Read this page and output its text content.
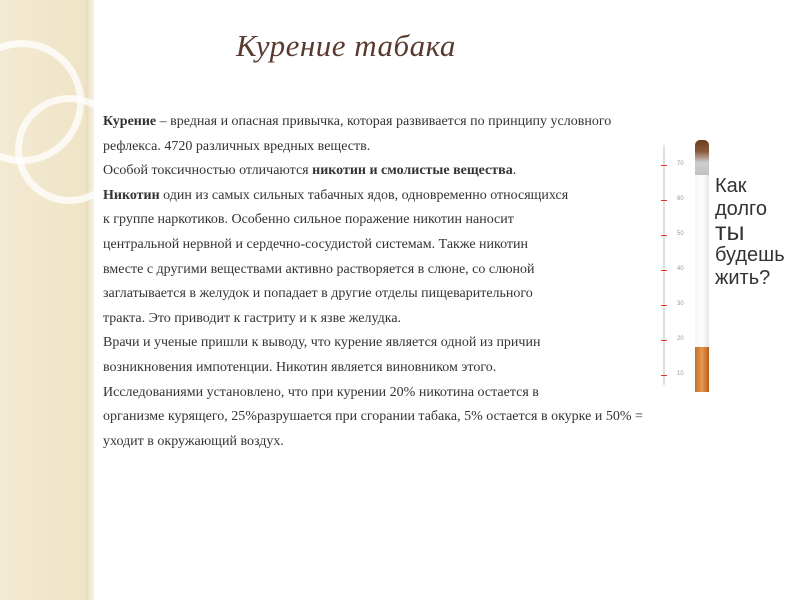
Курение табака
Курение – вредная и опасная привычка, которая развивается по принципу условного
рефлекса. 4720 различных вредных веществ.
Особой токсичностью отличаются никотин и смолистые вещества.
Никотин один из самых сильных табачных ядов, одновременно относящихся
к группе наркотиков. Особенно сильное поражение никотин наносит
центральной нервной и сердечно-сосудистой системам. Также никотин
вместе с другими веществами активно растворяется в слюне, со слюной
заглатывается в желудок и попадает в другие отделы пищеварительного
тракта. Это приводит к гастриту и к язве желудка.
Врачи и ученые пришли к выводу, что курение является одной из причин
возникновения импотенции. Никотин является виновником этого.
Исследованиями установлено, что при курении 20% никотина остается в
организме курящего, 25%разрушается при сгорании табака, 5% остается в окурке и 50% =
уходит в окружающий воздух.
70
60
50
40
30
20
10
Как
долго
ты
будешь
жить?
